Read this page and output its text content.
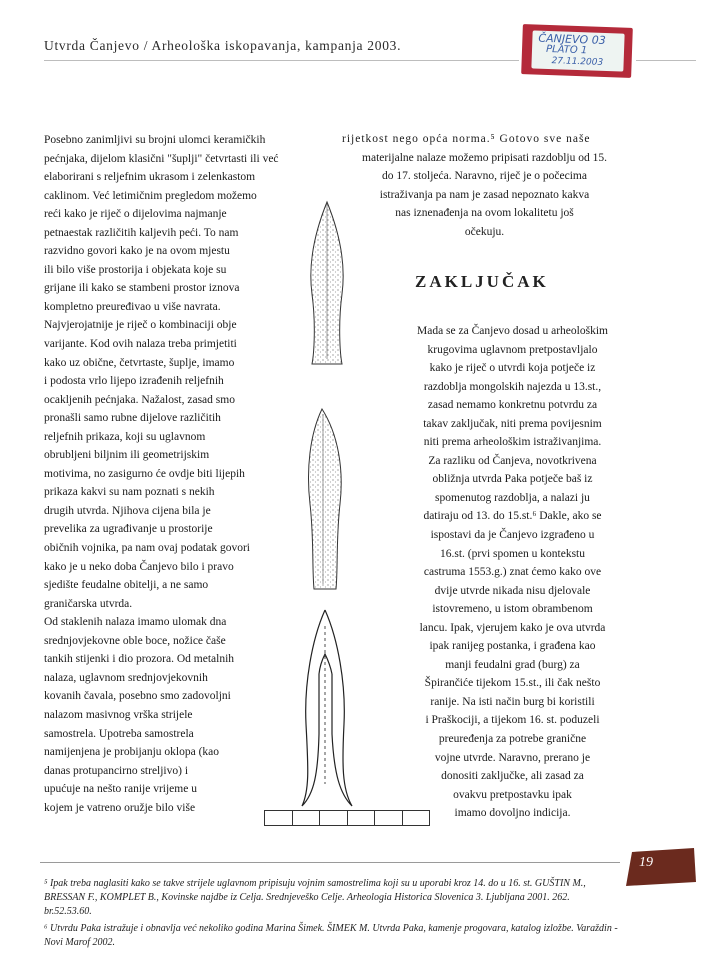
Utvrda Čanjevo / Arheološka iskopavanja, kampanja 2003.	ČANJEVO 03
PLATO 1
27.11.2003

Posebno zanimljivi su brojni ulomci keramičkih

pećnjaka, dijelom klasični "šuplji" četvrtasti ili već

elaborirani s reljefnim ukrasom i zelenkastom

caklinom. Već letimičnim pregledom možemo

reći kako je riječ o dijelovima najmanje

petnaestak različitih kaljevih peći. To nam

razvidno govori kako je na ovom mjestu

ili bilo više prostorija i objekata koje su

grijane ili kako se stambeni prostor iznova

kompletno preuređivao u više navrata.

Najvjerojatnije je riječ o kombinaciji obje

varijante. Kod ovih nalaza treba primjetiti

kako uz obične, četvrtaste, šuplje, imamo

i podosta vrlo lijepo izrađenih reljefnih

ocakljenih pećnjaka. Nažalost, zasad smo

pronašli samo rubne dijelove različitih

reljefnih prikaza, koji su uglavnom

obrubljeni biljnim ili geometrijskim

motivima, no zasigurno će ovdje biti lijepih

prikaza kakvi su nam poznati s nekih

drugih utvrda. Njihova cijena bila je

prevelika za ugrađivanje u prostorije

običnih vojnika, pa nam ovaj podatak govori

kako je u neko doba Čanjevo bilo i pravo

sjedište feudalne obitelji, a ne samo

graničarska utvrda.

Od staklenih nalaza imamo ulomak dna

srednjovjekovne oble boce, nožice čaše

tankih stijenki i dio prozora. Od metalnih

nalaza, uglavnom srednjovjekovnih

kovanih čavala, posebno smo zadovoljni

nalazom masivnog vrška strijele

samostrela. Upotreba samostrela

namijenjena je probijanju oklopa (kao

danas protupancirno streljivo) i

upućuje na nešto ranije vrijeme u

kojem je vatreno oružje bilo više

rijetkost nego opća norma.⁵ Gotovo sve naše

materijalne nalaze možemo pripisati razdoblju od 15.

do 17. stoljeća. Naravno, riječ je o počecima

istraživanja pa nam je zasad nepoznato kakva

nas iznenađenja na ovom lokalitetu još

očekuju.

ZAKLJUČAK

Mada se za Čanjevo dosad u arheološkim

krugovima uglavnom pretpostavljalo

kako je riječ o utvrdi koja potječe iz

razdoblja mongolskih najezda u 13.st.,

zasad nemamo konkretnu potvrdu za

takav zaključak, niti prema povijesnim

niti prema arheološkim istraživanjima.

Za razliku od Čanjeva, novotkrivena

obližnja utvrda Paka potječe baš iz

spomenutog razdoblja, a nalazi ju

datiraju od 13. do 15.st.⁶ Dakle, ako se

ispostavi da je Čanjevo izgrađeno u

16.st. (prvi spomen u kontekstu

castruma 1553.g.) znat ćemo kako ove

dvije utvrde nikada nisu djelovale

istovremeno, u istom obrambenom

lancu. Ipak, vjerujem kako je ova utvrda

ipak ranijeg postanka, i građena kao

manji feudalni grad (burg) za

Špirančiće tijekom 15.st., ili čak nešto

ranije. Na isti način burg bi koristili

i Praškociji, a tijekom 16. st. poduzeli

preuređenja za potrebe granične

vojne utvrde. Naravno, prerano je

donositi zaključke, ali zasad za

ovakvu pretpostavku ipak

imamo dovoljno indicija.

⁵ Ipak treba naglasiti kako se takve strijele uglavnom pripisuju vojnim samostrelima koji su u uporabi kroz 14. do u 16. st. GUŠTIN M., BRESSAN F., KOMPLET B., Kovinske najdbe iz Celja. Srednjeveško Celje. Arheologia Historica Slovenica 3. Ljubljana 2001. 262. br.52.53.60.

⁶ Utvrdu Paka istražuje i obnavlja već nekoliko godina Marina Šimek. ŠIMEK M. Utvrda Paka, kamenje progovara, katalog izložbe. Varaždin - Novi Marof 2002.

19
